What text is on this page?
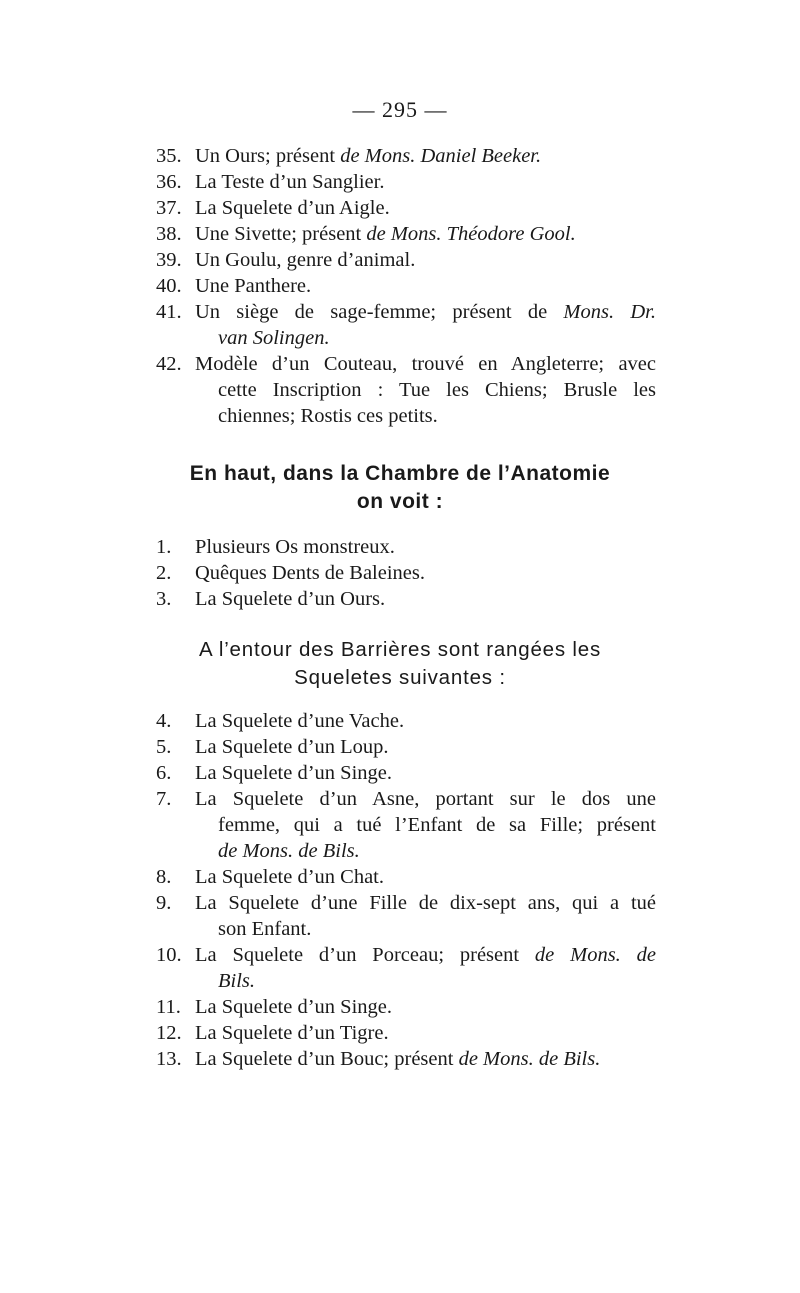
— 295 —
35. Un Ours; présent de Mons. Daniel Beeker.
36. La Teste d’un Sanglier.
37. La Squelete d’un Aigle.
38. Une Sivette; présent de Mons. Théodore Gool.
39. Un Goulu, genre d’animal.
40. Une Panthere.
41. Un siège de sage-femme; présent de Mons. Dr.
van Solingen.
42. Modèle d’un Couteau, trouvé en Angleterre; avec
cette Inscription : Tue les Chiens; Brusle les
chiennes; Rostis ces petits.
En haut, dans la Chambre de l’Anatomie
on voit :
1.	Plusieurs Os monstreux.
2.	Quêques Dents de Baleines.
3.	La Squelete d’un Ours.
A l’entour des Barrières sont rangées les
Squeletes suivantes :
4.	La Squelete d’une Vache.
5.	La Squelete d’un Loup.
6.	La Squelete d’un Singe.
7.	La Squelete d’un Asne, portant sur le dos une
femme, qui a tué l’Enfant de sa Fille; présent
de Mons. de Bils.
8.	La Squelete d’un Chat.
9.	La Squelete d’une Fille de dix-sept ans, qui a tué
son Enfant.
10. La Squelete d’un Porceau; présent de Mons. de
Bils.
11. La Squelete d’un Singe.
12. La Squelete d’un Tigre.
13. La Squelete d’un Bouc; présent de Mons. de Bils.
